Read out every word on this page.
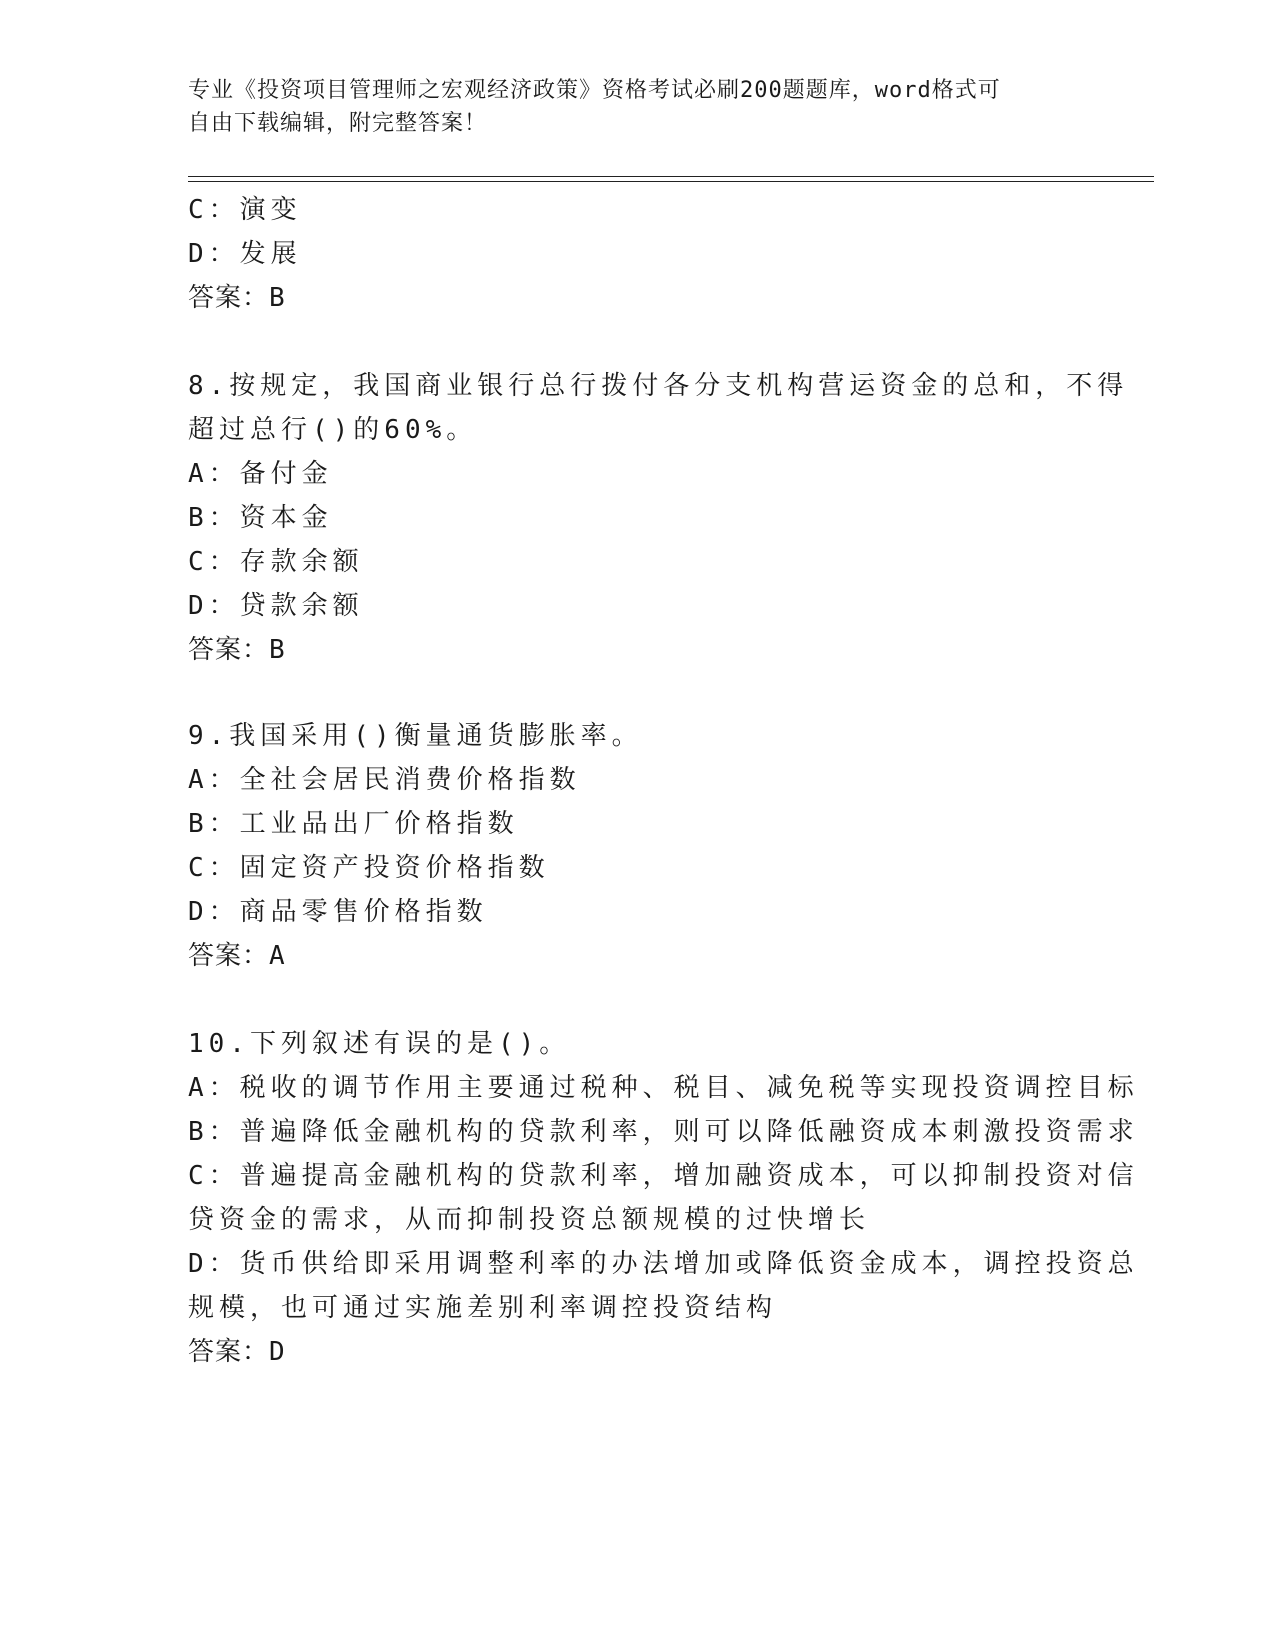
专业《投资项目管理师之宏观经济政策》资格考试必刷200题题库，word格式可
自由下载编辑，附完整答案！
C：演变
D：发展
答案：B
8.按规定，我国商业银行总行拨付各分支机构营运资金的总和，不得
超过总行()的60%。
A：备付金
B：资本金
C：存款余额
D：贷款余额
答案：B
9.我国采用()衡量通货膨胀率。
A：全社会居民消费价格指数
B：工业品出厂价格指数
C：固定资产投资价格指数
D：商品零售价格指数
答案：A
10.下列叙述有误的是()。
A：税收的调节作用主要通过税种、税目、减免税等实现投资调控目标
B：普遍降低金融机构的贷款利率，则可以降低融资成本刺激投资需求
C：普遍提高金融机构的贷款利率，增加融资成本，可以抑制投资对信
贷资金的需求，从而抑制投资总额规模的过快增长
D：货币供给即采用调整利率的办法增加或降低资金成本，调控投资总
规模，也可通过实施差别利率调控投资结构
答案：D
